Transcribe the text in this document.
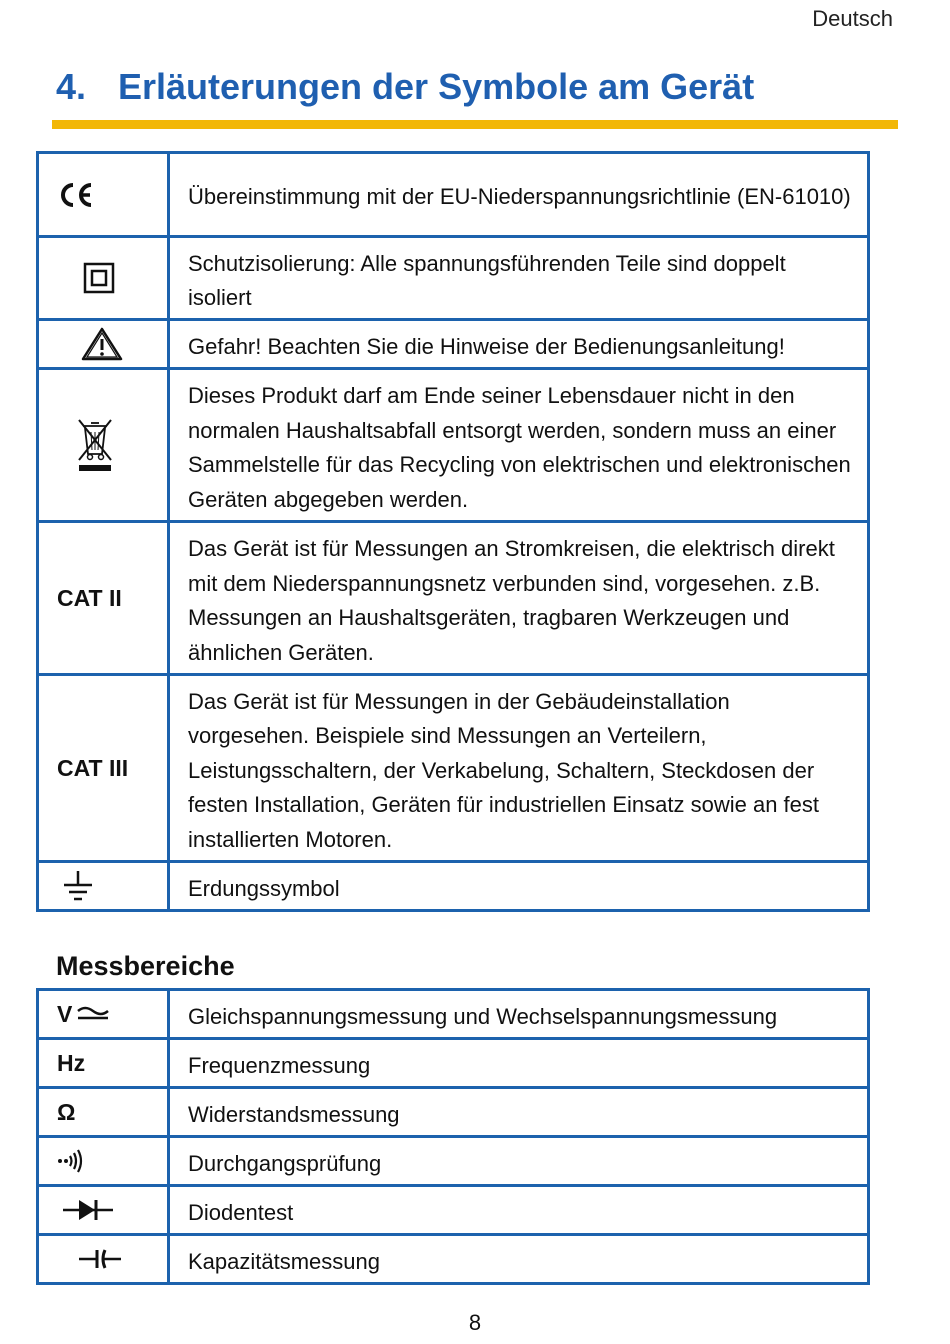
Deutsch
4. Erläuterungen der Symbole am Gerät
	Übereinstimmung mit der EU-Niederspannungsrichtlinie (EN-61010)

	Schutzisolierung: Alle spannungsführenden Teile sind doppelt isoliert

	Gefahr! Beachten Sie die Hinweise der Bedienungsanleitung!

	Dieses Produkt darf am Ende seiner Lebensdauer nicht in den normalen Haushaltsabfall entsorgt werden, sondern muss an einer Sammelstelle für das Recycling von elektrischen und elektronischen Geräten abgegeben werden.
CAT II	Das Gerät ist für Messungen an Stromkreisen, die elektrisch direkt mit dem Niederspannungsnetz verbunden sind, vorgesehen. z.B. Messungen an Haushaltsgeräten, tragbaren Werkzeugen und ähnlichen Geräten.
CAT III	Das Gerät ist für Messungen in der Gebäudeinstallation vorgesehen. Beispiele sind Messungen an Verteilern, Leistungsschaltern, der Verkabelung, Schaltern, Steckdosen der festen Installation, Geräten für industriellen Einsatz sowie an fest installierten Motoren.

	Erdungssymbol
Messbereiche
V	Gleichspannungsmessung und Wechselspannungsmessung
Hz	Frequenzmessung
Ω	Widerstandsmessung

	Durchgangsprüfung

	Diodentest

	Kapazitätsmessung
8
